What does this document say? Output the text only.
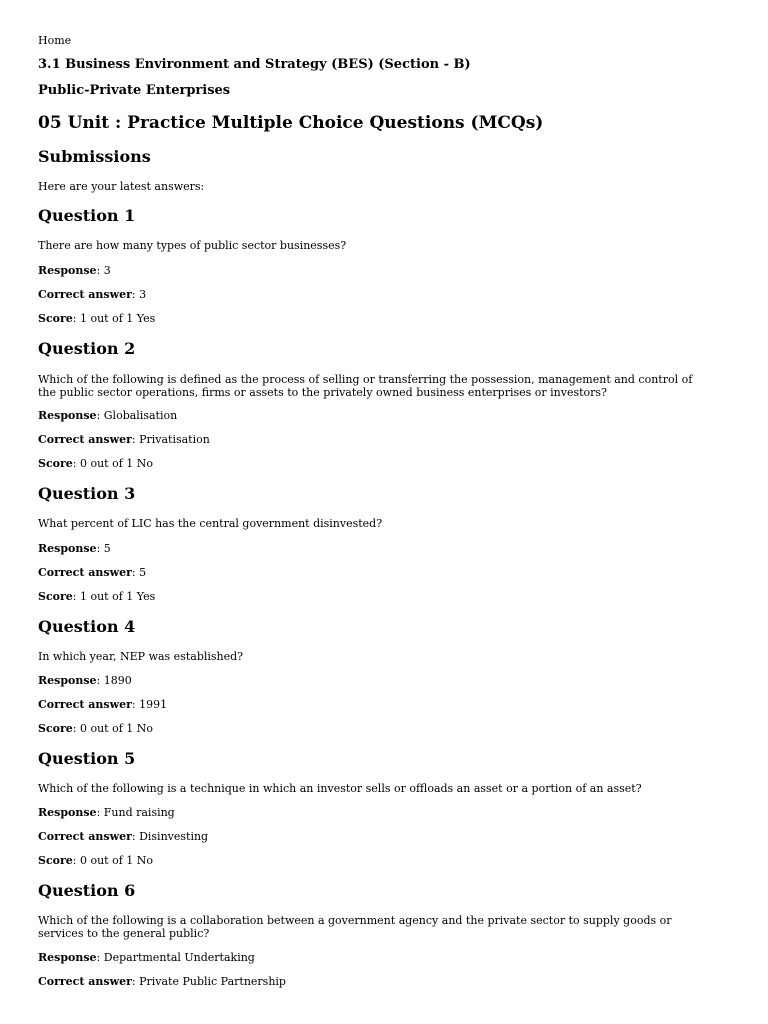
Home
3.1 Business Environment and Strategy (BES) (Section - B)
Public-Private Enterprises
05 Unit : Practice Multiple Choice Questions (MCQs)
Submissions
Here are your latest answers:
Question 1
There are how many types of public sector businesses?
Response: 3
Correct answer: 3
Score: 1 out of 1 Yes
Question 2
Which of the following is defined as the process of selling or transferring the possession, management and control of the public sector operations, firms or assets to the privately owned business enterprises or investors?
Response: Globalisation
Correct answer: Privatisation
Score: 0 out of 1 No
Question 3
What percent of LIC has the central government disinvested?
Response: 5
Correct answer: 5
Score: 1 out of 1 Yes
Question 4
In which year, NEP was established?
Response: 1890
Correct answer: 1991
Score: 0 out of 1 No
Question 5
Which of the following is a technique in which an investor sells or offloads an asset or a portion of an asset?
Response: Fund raising
Correct answer: Disinvesting
Score: 0 out of 1 No
Question 6
Which of the following is a collaboration between a government agency and the private sector to supply goods or services to the general public?
Response: Departmental Undertaking
Correct answer: Private Public Partnership
